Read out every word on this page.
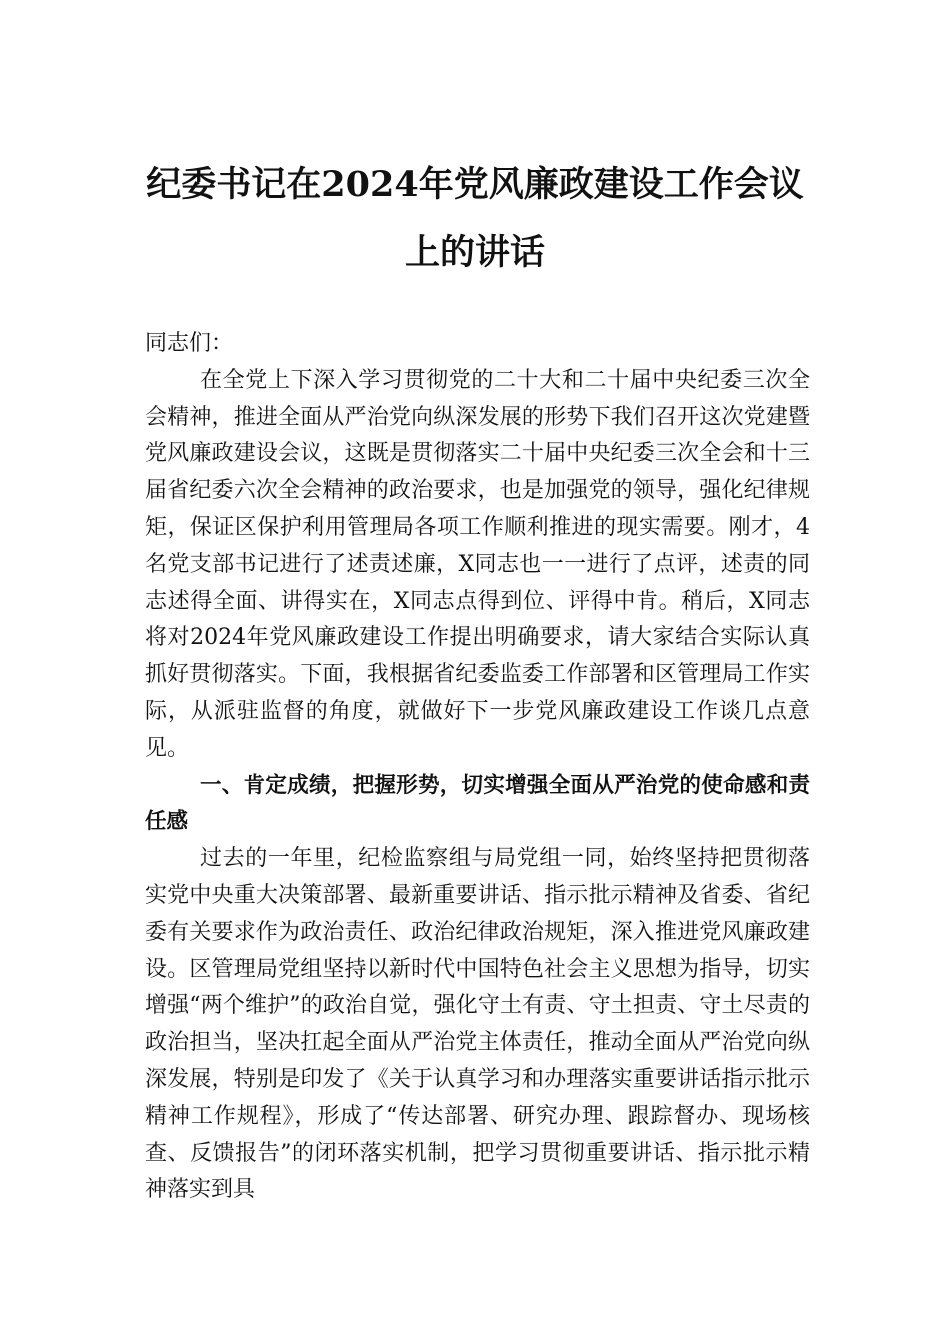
纪委书记在2024年党风廉政建设工作会议
上的讲话

同志们：

在全党上下深入学习贯彻党的二十大和二十届中央纪委三次全会精神，推进全面从严治党向纵深发展的形势下我们召开这次党建暨党风廉政建设会议，这既是贯彻落实二十届中央纪委三次全会和十三届省纪委六次全会精神的政治要求，也是加强党的领导，强化纪律规矩，保证区保护利用管理局各项工作顺利推进的现实需要。刚才，4名党支部书记进行了述责述廉，X同志也一一进行了点评，述责的同志述得全面、讲得实在，X同志点得到位、评得中肯。稍后，X同志将对2024年党风廉政建设工作提出明确要求，请大家结合实际认真抓好贯彻落实。下面，我根据省纪委监委工作部署和区管理局工作实际，从派驻监督的角度，就做好下一步党风廉政建设工作谈几点意见。

一、肯定成绩，把握形势，切实增强全面从严治党的使命感和责任感

过去的一年里，纪检监察组与局党组一同，始终坚持把贯彻落实党中央重大决策部署、最新重要讲话、指示批示精神及省委、省纪委有关要求作为政治责任、政治纪律政治规矩，深入推进党风廉政建设。区管理局党组坚持以新时代中国特色社会主义思想为指导，切实增强“两个维护”的政治自觉，强化守土有责、守土担责、守土尽责的政治担当，坚决扛起全面从严治党主体责任，推动全面从严治党向纵深发展，特别是印发了《关于认真学习和办理落实重要讲话指示批示精神工作规程》，形成了“传达部署、研究办理、跟踪督办、现场核查、反馈报告”的闭环落实机制，把学习贯彻重要讲话、指示批示精神落实到具
